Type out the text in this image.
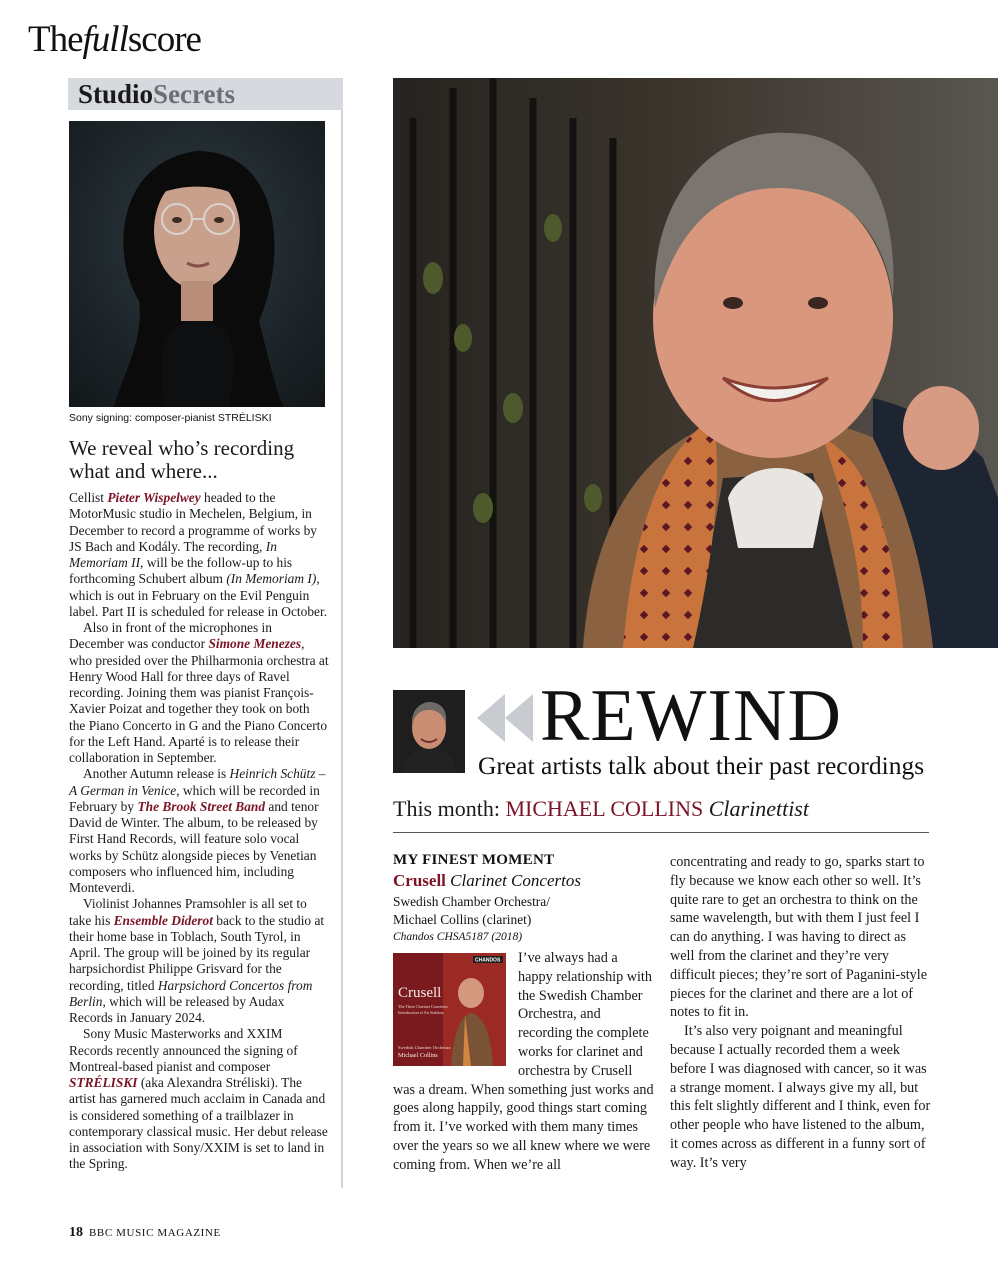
Thefullscore
StudioSecrets
Sony signing: composer-pianist STRÉLISKI
We reveal who’s recording what and where...

Cellist Pieter Wispelwey headed to the MotorMusic studio in Mechelen, Belgium, in December to record a programme of works by JS Bach and Kodály. The recording, In Memoriam II, will be the follow-up to his forthcoming Schubert album (In Memoriam I), which is out in February on the Evil Penguin label. Part II is scheduled for release in October.

Also in front of the microphones in December was conductor Simone Menezes, who presided over the Philharmonia orchestra at Henry Wood Hall for three days of Ravel recording. Joining them was pianist François-Xavier Poizat and together they took on both the Piano Concerto in G and the Piano Concerto for the Left Hand. Aparté is to release their collaboration in September.

Another Autumn release is Heinrich Schütz – A German in Venice, which will be recorded in February by The Brook Street Band and tenor David de Winter. The album, to be released by First Hand Records, will feature solo vocal works by Schütz alongside pieces by Venetian composers who influenced him, including Monteverdi.

Violinist Johannes Pramsohler is all set to take his Ensemble Diderot back to the studio at their home base in Toblach, South Tyrol, in April. The group will be joined by its regular harpsichordist Philippe Grisvard for the recording, titled Harpsichord Concertos from Berlin, which will be released by Audax Records in January 2024.

Sony Music Masterworks and XXIM Records recently announced the signing of Montreal-based pianist and composer STRÉLISKI (aka Alexandra Stréliski). The artist has garnered much acclaim in Canada and is considered something of a trailblazer in contemporary classical music. Her debut release in association with Sony/XXIM is set to land in the Spring.

REWIND
Great artists talk about their past recordings
This month: MICHAEL COLLINS Clarinettist
MY FINEST MOMENT
Crusell Clarinet Concertos
Swedish Chamber Orchestra/
Michael Collins (clarinet)
Chandos CHSA5187 (2018)

I’ve always had a happy relationship with the Swedish Chamber Orchestra, and recording the complete works for clarinet and orchestra by Crusell was a dream. When something just works and goes along happily, good things start coming from it. I’ve worked with them many times over the years so we all knew where we were coming from. When we’re all

Crusell
The Three Clarinet Concertos
Introduction et Air Suédois
Swedish Chamber Orchestra
Michael Collins
CHANDOS

concentrating and ready to go, sparks start to fly because we know each other so well. It’s quite rare to get an orchestra to think on the same wavelength, but with them I just feel I can do anything. I was having to direct as well from the clarinet and they’re very difficult pieces; they’re sort of Paganini-style pieces for the clarinet and there are a lot of notes to fit in.

It’s also very poignant and meaningful because I actually recorded them a week before I was diagnosed with cancer, so it was a strange moment. I always give my all, but this felt slightly different and I think, even for other people who have listened to the album, it comes across as different in a funny sort of way. It’s very

18 BBC MUSIC MAGAZINE
